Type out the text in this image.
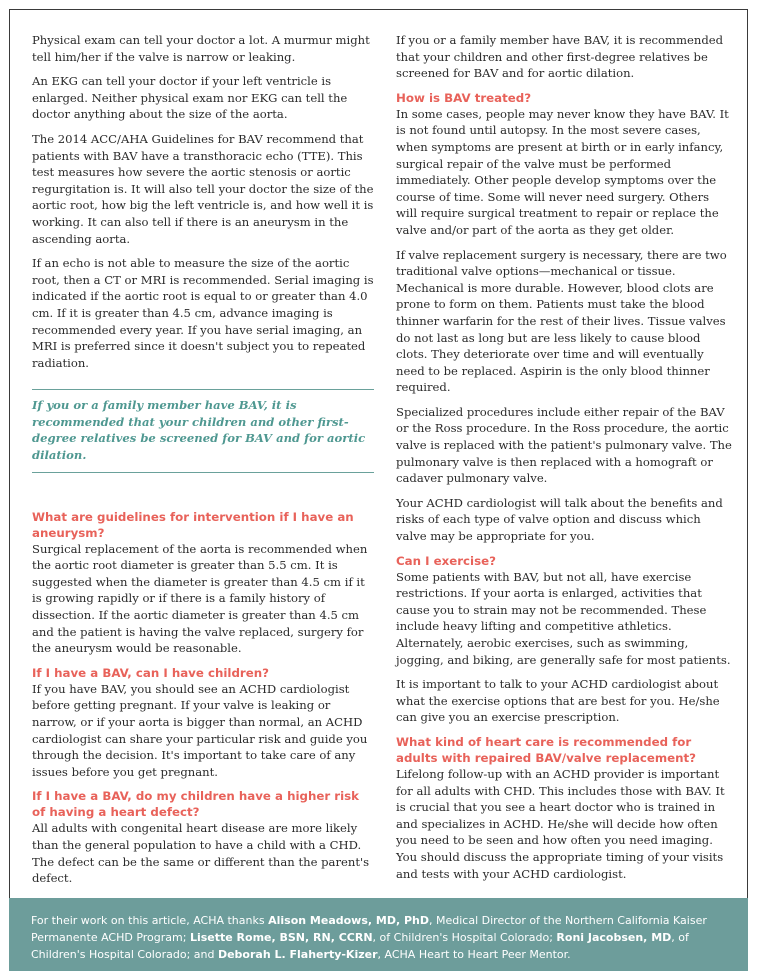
Physical exam can tell your doctor a lot. A murmur might tell him/her if the valve is narrow or leaking.

An EKG can tell your doctor if your left ventricle is enlarged. Neither physical exam nor EKG can tell the doctor anything about the size of the aorta.

The 2014 ACC/AHA Guidelines for BAV recommend that patients with BAV have a transthoracic echo (TTE). This test measures how severe the aortic stenosis or aortic regurgitation is. It will also tell your doctor the size of the aortic root, how big the left ventricle is, and how well it is working. It can also tell if there is an aneurysm in the ascending aorta.

If an echo is not able to measure the size of the aortic root, then a CT or MRI is recommended. Serial imaging is indicated if the aortic root is equal to or greater than 4.0 cm. If it is greater than 4.5 cm, advance imaging is recommended every year. If you have serial imaging, an MRI is preferred since it doesn't subject you to repeated radiation.

If you or a family member have BAV, it is recommended that your children and other first-degree relatives be screened for BAV and for aortic dilation.
What are guidelines for intervention if I have an aneurysm?

Surgical replacement of the aorta is recommended when the aortic root diameter is greater than 5.5 cm. It is suggested when the diameter is greater than 4.5 cm if it is growing rapidly or if there is a family history of dissection. If the aortic diameter is greater than 4.5 cm and the patient is having the valve replaced, surgery for the aneurysm would be reasonable.

If I have a BAV, can I have children?

If you have BAV, you should see an ACHD cardiologist before getting pregnant. If your valve is leaking or narrow, or if your aorta is bigger than normal, an ACHD cardiologist can share your particular risk and guide you through the decision. It's important to take care of any issues before you get pregnant.

If I have a BAV, do my children have a higher risk of having a heart defect?

All adults with congenital heart disease are more likely than the general population to have a child with a CHD. The defect can be the same or different than the parent's defect.

If you or a family member have BAV, it is recommended that your children and other first-degree relatives be screened for BAV and for aortic dilation.

How is BAV treated?

In some cases, people may never know they have BAV. It is not found until autopsy. In the most severe cases, when symptoms are present at birth or in early infancy, surgical repair of the valve must be performed immediately. Other people develop symptoms over the course of time. Some will never need surgery. Others will require surgical treatment to repair or replace the valve and/or part of the aorta as they get older.

If valve replacement surgery is necessary, there are two traditional valve options—mechanical or tissue. Mechanical is more durable. However, blood clots are prone to form on them. Patients must take the blood thinner warfarin for the rest of their lives. Tissue valves do not last as long but are less likely to cause blood clots. They deteriorate over time and will eventually need to be replaced. Aspirin is the only blood thinner required.

Specialized procedures include either repair of the BAV or the Ross procedure. In the Ross procedure, the aortic valve is replaced with the patient's pulmonary valve. The pulmonary valve is then replaced with a homograft or cadaver pulmonary valve.

Your ACHD cardiologist will talk about the benefits and risks of each type of valve option and discuss which valve may be appropriate for you.

Can I exercise?

Some patients with BAV, but not all, have exercise restrictions. If your aorta is enlarged, activities that cause you to strain may not be recommended. These include heavy lifting and competitive athletics. Alternately, aerobic exercises, such as swimming, jogging, and biking, are generally safe for most patients.

It is important to talk to your ACHD cardiologist about what the exercise options that are best for you. He/she can give you an exercise prescription.

What kind of heart care is recommended for adults with repaired BAV/valve replacement?

Lifelong follow-up with an ACHD provider is important for all adults with CHD. This includes those with BAV. It is crucial that you see a heart doctor who is trained in and specializes in ACHD. He/she will decide how often you need to be seen and how often you need imaging. You should discuss the appropriate timing of your visits and tests with your ACHD cardiologist.

For their work on this article, ACHA thanks Alison Meadows, MD, PhD, Medical Director of the Northern California Kaiser Permanente ACHD Program; Lisette Rome, BSN, RN, CCRN, of Children's Hospital Colorado; Roni Jacobsen, MD, of Children's Hospital Colorado; and Deborah L. Flaherty-Kizer, ACHA Heart to Heart Peer Mentor.
